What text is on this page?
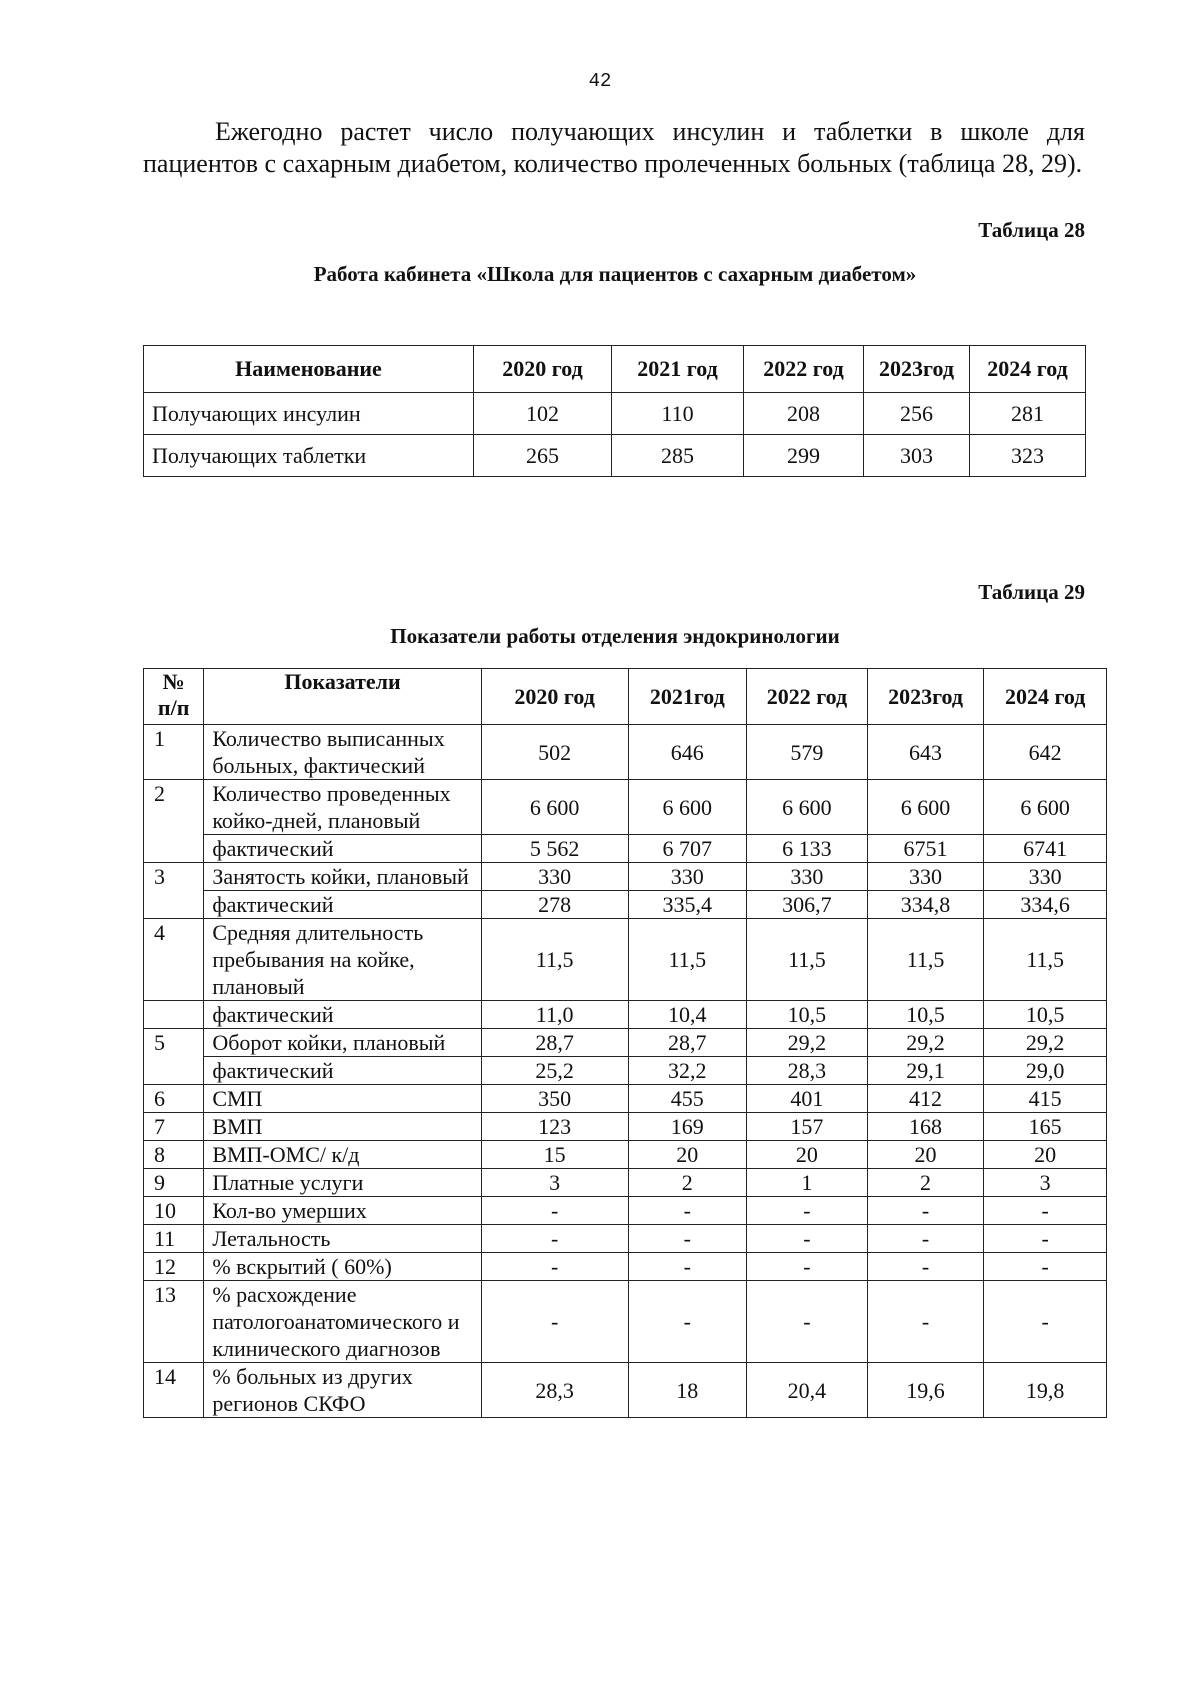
42

Ежегодно растет число получающих инсулин и таблетки в школе для пациентов с сахарным диабетом, количество пролеченных больных (таблица 28, 29).

Таблица 28
Работа кабинета «Школа для пациентов с сахарным диабетом»
Наименование	2020 год	2021 год	2022 год	2023год	2024 год
Получающих инсулин	102	110	208	256	281
Получающих таблетки	265	285	299	303	323
Таблица 29
Показатели работы отделения эндокринологии
№ п/п	Показатели	2020 год	2021год	2022 год	2023год	2024 год
1	Количество выписанных больных, фактический	502	646	579	643	642
2	Количество проведенных койко-дней, плановый	6 600	6 600	6 600	6 600	6 600
	фактический	5 562	6 707	6 133	6751	6741
3	Занятость койки, плановый	330	330	330	330	330
	фактический	278	335,4	306,7	334,8	334,6
4	Средняя длительность пребывания на койке, плановый	11,5	11,5	11,5	11,5	11,5
	фактический	11,0	10,4	10,5	10,5	10,5
5	Оборот койки, плановый	28,7	28,7	29,2	29,2	29,2
	фактический	25,2	32,2	28,3	29,1	29,0
6	СМП	350	455	401	412	415
7	ВМП	123	169	157	168	165
8	ВМП-ОМС/ к/д	15	20	20	20	20
9	Платные услуги	3	2	1	2	3
10	Кол-во умерших	-	-	-	-	-
11	Летальность	-	-	-	-	-
12	% вскрытий ( 60%)	-	-	-	-	-
13	% расхождение патологоанатомического и клинического диагнозов	-	-	-	-	-
14	% больных из других регионов СКФО	28,3	18	20,4	19,6	19,8
